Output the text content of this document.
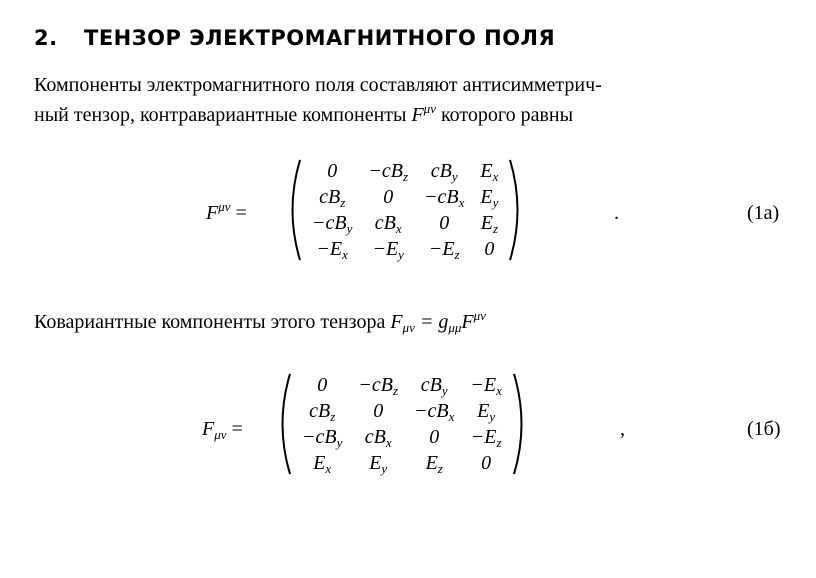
2. ТЕНЗОР ЭЛЕКТРОМАГНИТНОГО ПОЛЯ
Компоненты электромагнитного поля составляют антисимметрич-
ный тензор, контравариантные компоненты $F^{\mu\nu}$ которого равны
$F^{\mu\nu}$ =
0	$-cB_z$	$cB_y$	$E_x$
$cB_z$	0	$-cB_x$	$E_y$
$-cB_y$	$cB_x$	0	$E_z$
$-E_x$	$-E_y$	$-E_z$	0
.	(1a)
Ковариантные компоненты этого тензора $F_{\mu\nu} = g_{\mu\mu}F^{\mu\nu}$
$F_{\mu\nu}$ =
0	$-cB_z$	$cB_y$	$-E_x$
$cB_z$	0	$-cB_x$	$E_y$
$-cB_y$	$cB_x$	0	$-E_z$
$E_x$	$E_y$	$E_z$	0
,	(1б)
